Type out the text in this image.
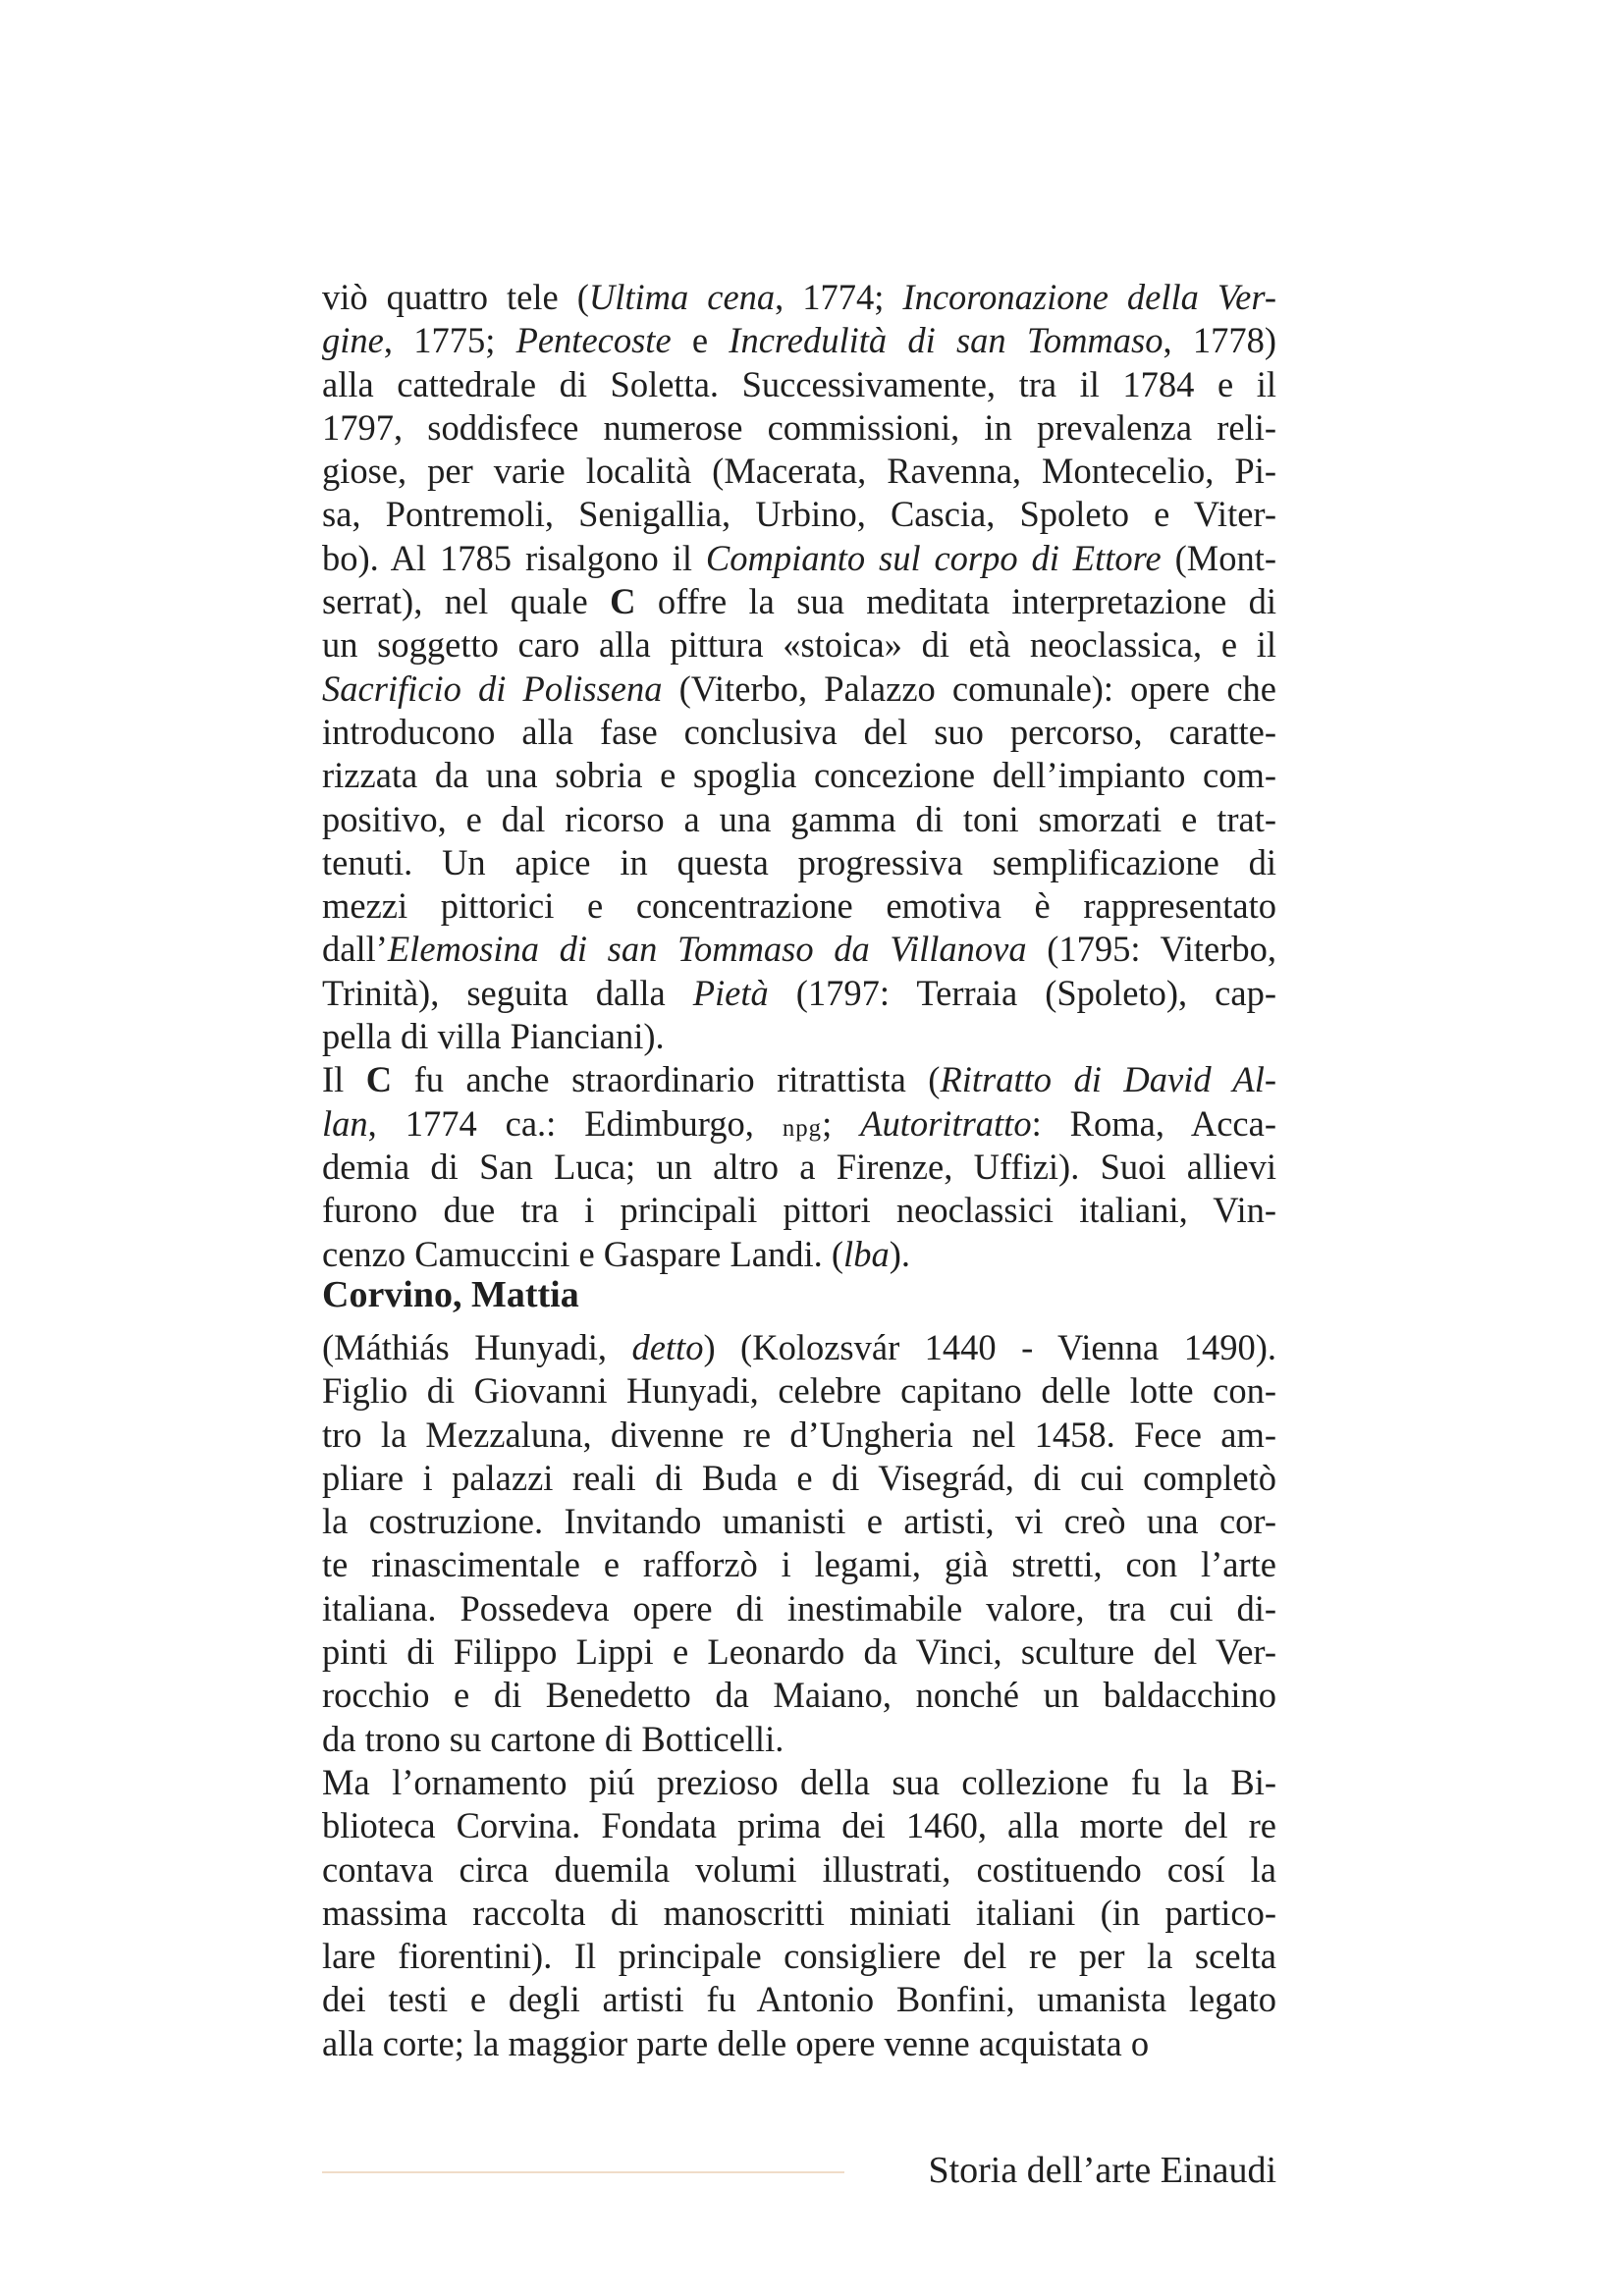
viò quattro tele (Ultima cena, 1774; Incoronazione della Ver-
gine, 1775; Pentecoste e Incredulità di san Tommaso, 1778)
alla cattedrale di Soletta. Successivamente, tra il 1784 e il
1797, soddisfece numerose commissioni, in prevalenza reli-
giose, per varie località (Macerata, Ravenna, Montecelio, Pi-
sa, Pontremoli, Senigallia, Urbino, Cascia, Spoleto e Viter-
bo). Al 1785 risalgono il Compianto sul corpo di Ettore (Mont-
serrat), nel quale C offre la sua meditata interpretazione di
un soggetto caro alla pittura «stoica» di età neoclassica, e il
Sacrificio di Polissena (Viterbo, Palazzo comunale): opere che
introducono alla fase conclusiva del suo percorso, caratte-
rizzata da una sobria e spoglia concezione dell’impianto com-
positivo, e dal ricorso a una gamma di toni smorzati e trat-
tenuti. Un apice in questa progressiva semplificazione di
mezzi pittorici e concentrazione emotiva è rappresentato
dall’Elemosina di san Tommaso da Villanova (1795: Viterbo,
Trinità), seguita dalla Pietà (1797: Terraia (Spoleto), cap-
pella di villa Pianciani).
Il C fu anche straordinario ritrattista (Ritratto di David Al-
lan, 1774 ca.: Edimburgo, npg; Autoritratto: Roma, Acca-
demia di San Luca; un altro a Firenze, Uffizi). Suoi allievi
furono due tra i principali pittori neoclassici italiani, Vin-
cenzo Camuccini e Gaspare Landi. (lba).
Corvino, Mattia
(Máthiás Hunyadi, detto) (Kolozsvár 1440 - Vienna 1490).
Figlio di Giovanni Hunyadi, celebre capitano delle lotte con-
tro la Mezzaluna, divenne re d’Ungheria nel 1458. Fece am-
pliare i palazzi reali di Buda e di Visegrád, di cui completò
la costruzione. Invitando umanisti e artisti, vi creò una cor-
te rinascimentale e rafforzò i legami, già stretti, con l’arte
italiana. Possedeva opere di inestimabile valore, tra cui di-
pinti di Filippo Lippi e Leonardo da Vinci, sculture del Ver-
rocchio e di Benedetto da Maiano, nonché un baldacchino
da trono su cartone di Botticelli.
Ma l’ornamento piú prezioso della sua collezione fu la Bi-
blioteca Corvina. Fondata prima dei 1460, alla morte del re
contava circa duemila volumi illustrati, costituendo cosí la
massima raccolta di manoscritti miniati italiani (in partico-
lare fiorentini). Il principale consigliere del re per la scelta
dei testi e degli artisti fu Antonio Bonfini, umanista legato
alla corte; la maggior parte delle opere venne acquistata o
Storia dell’arte Einaudi
